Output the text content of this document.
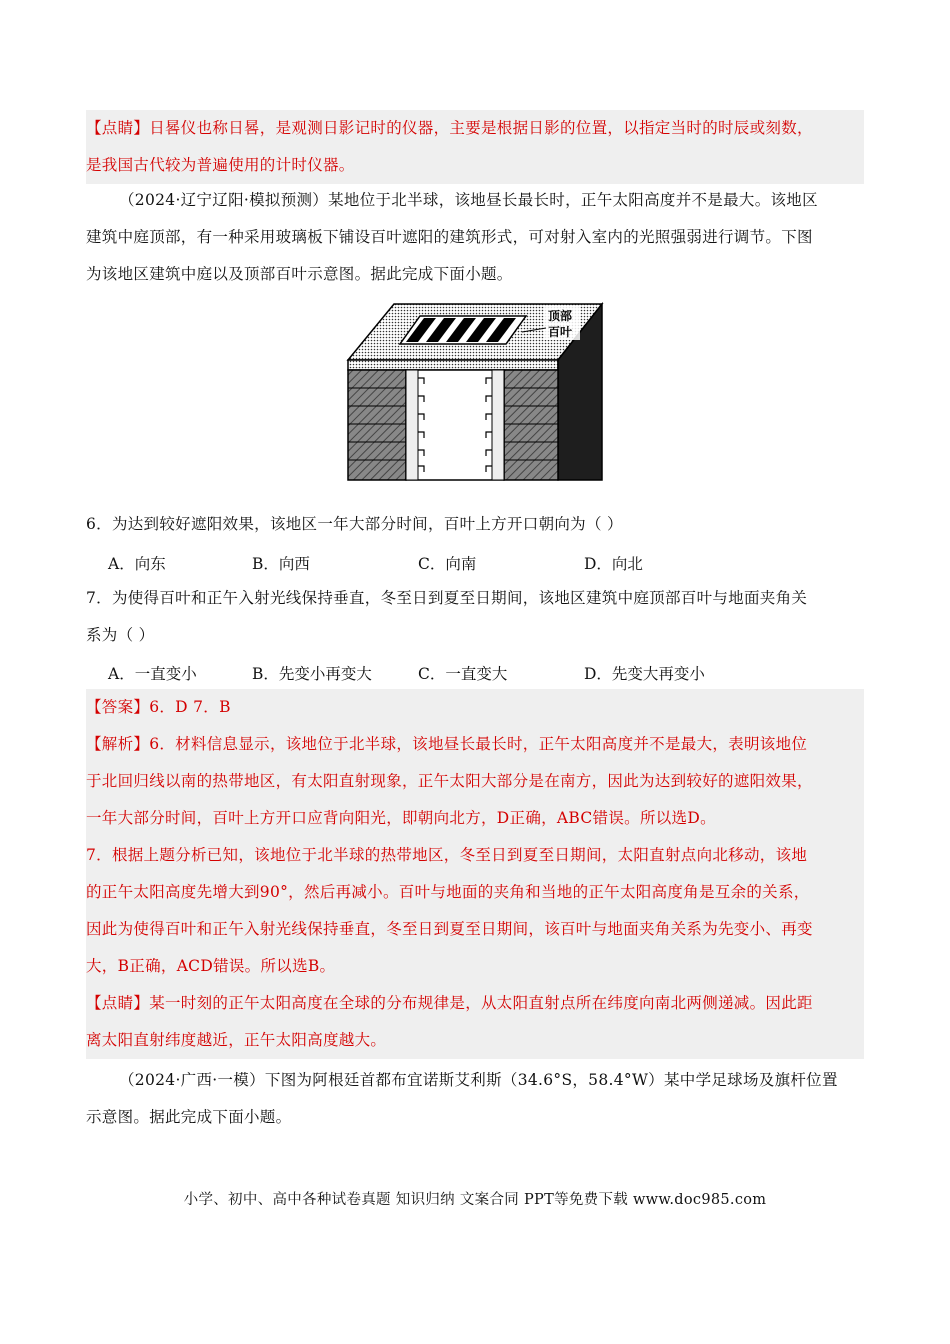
【点睛】日晷仪也称日晷，是观测日影记时的仪器，主要是根据日影的位置，以指定当时的时辰或刻数，
是我国古代较为普遍使用的计时仪器。
（2024·辽宁辽阳·模拟预测）某地位于北半球，该地昼长最长时，正午太阳高度并不是最大。该地区
建筑中庭顶部，有一种采用玻璃板下铺设百叶遮阳的建筑形式，可对射入室内的光照强弱进行调节。下图
为该地区建筑中庭以及顶部百叶示意图。据此完成下面小题。
顶部
百叶
6．为达到较好遮阳效果，该地区一年大部分时间，百叶上方开口朝向为（ ）
A．向东	B．向西	C．向南	D．向北
7．为使得百叶和正午入射光线保持垂直，冬至日到夏至日期间，该地区建筑中庭顶部百叶与地面夹角关
系为（ ）
A．一直变小	B．先变小再变大	C．一直变大	D．先变大再变小
【答案】6．D 7．B
【解析】6．材料信息显示，该地位于北半球，该地昼长最长时，正午太阳高度并不是最大，表明该地位
于北回归线以南的热带地区，有太阳直射现象，正午太阳大部分是在南方，因此为达到较好的遮阳效果，
一年大部分时间，百叶上方开口应背向阳光，即朝向北方，D正确，ABC错误。所以选D。
7．根据上题分析已知，该地位于北半球的热带地区，冬至日到夏至日期间，太阳直射点向北移动，该地
的正午太阳高度先增大到90°，然后再减小。百叶与地面的夹角和当地的正午太阳高度角是互余的关系，
因此为使得百叶和正午入射光线保持垂直，冬至日到夏至日期间，该百叶与地面夹角关系为先变小、再变
大，B正确，ACD错误。所以选B。
【点睛】某一时刻的正午太阳高度在全球的分布规律是，从太阳直射点所在纬度向南北两侧递减。因此距
离太阳直射纬度越近，正午太阳高度越大。
（2024·广西·一模）下图为阿根廷首都布宜诺斯艾利斯（34.6°S，58.4°W）某中学足球场及旗杆位置
示意图。据此完成下面小题。
小学、初中、高中各种试卷真题 知识归纳 文案合同 PPT等免费下载 www.doc985.com
